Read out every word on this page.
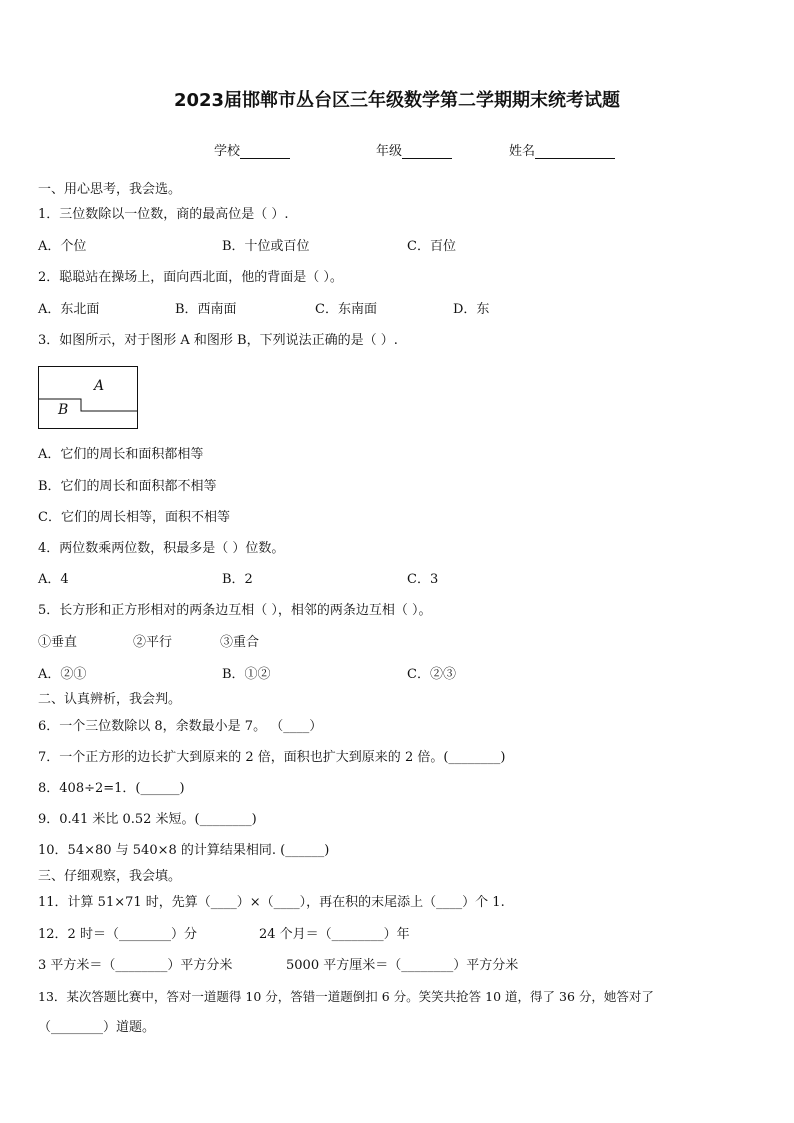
2023届邯郸市丛台区三年级数学第二学期期末统考试题
学校	年级	姓名
一、用心思考，我会选。
1．三位数除以一位数，商的最高位是（ ）.
A．个位	B．十位或百位	C．百位
2．聪聪站在操场上，面向西北面，他的背面是（ ）。
A．东北面	B．西南面	C．东南面	D．东
3．如图所示，对于图形 A 和图形 B，下列说法正确的是（ ）.
A
B
A．它们的周长和面积都相等
B．它们的周长和面积都不相等
C．它们的周长相等，面积不相等
4．两位数乘两位数，积最多是（ ）位数。
A．4	B．2	C．3
5．长方形和正方形相对的两条边互相（ ），相邻的两条边互相（ ）。
①垂直	②平行	③重合
A．②①	B．①②	C．②③
二、认真辨析，我会判。
6．一个三位数除以 8，余数最小是 7。 （____）
7．一个正方形的边长扩大到原来的 2 倍，面积也扩大到原来的 2 倍。(________)
8．408÷2=1．(______)
9．0.41 米比 0.52 米短。(________)
10．54×80 与 540×8 的计算结果相同. (______)
三、仔细观察，我会填。
11．计算 51×71 时，先算（____）×（____），再在积的末尾添上（____）个 1.
12．2 时＝（________）分	24 个月＝（________）年
3 平方米＝（________）平方分米	5000 平方厘米＝（________）平方分米
13．某次答题比赛中，答对一道题得 10 分，答错一道题倒扣 6 分。笑笑共抢答 10 道，得了 36 分，她答对了
（________）道题。
